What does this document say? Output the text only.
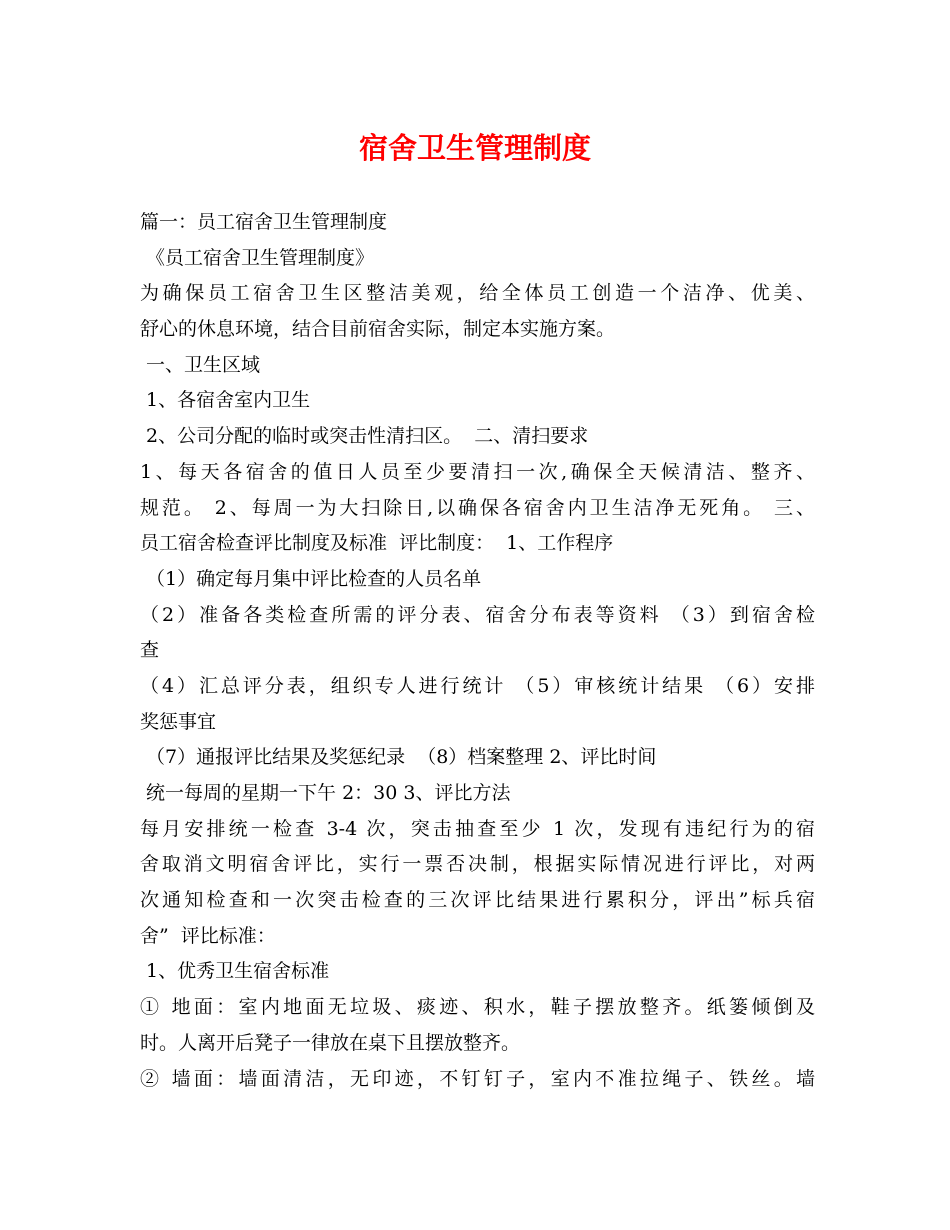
宿舍卫生管理制度
篇一：员工宿舍卫生管理制度
《员工宿舍卫生管理制度》
为确保员工宿舍卫生区整洁美观，给全体员工创造一个洁净、优美、
舒心的休息环境，结合目前宿舍实际，制定本实施方案。
一、卫生区域
1、各宿舍室内卫生
2、公司分配的临时或突击性清扫区。  二、清扫要求
1、每天各宿舍的值日人员至少要清扫一次,确保全天候清洁、整齐、
规范。 2、每周一为大扫除日,以确保各宿舍内卫生洁净无死角。 三、
员工宿舍检查评比制度及标准  评比制度：  1、工作程序
（1）确定每月集中评比检查的人员名单
（2）准备各类检查所需的评分表、宿舍分布表等资料 （3）到宿舍检
查
（4）汇总评分表，组织专人进行统计 （5）审核统计结果 （6）安排
奖惩事宜
（7）通报评比结果及奖惩纪录  （8）档案整理 2、评比时间
统一每周的星期一下午 2：30 3、评比方法
每月安排统一检查 3-4 次，突击抽查至少 1 次，发现有违纪行为的宿
舍取消文明宿舍评比，实行一票否决制，根据实际情况进行评比，对两
次通知检查和一次突击检查的三次评比结果进行累积分，评出”标兵宿
舍”  评比标准：
1、优秀卫生宿舍标准
① 地面：室内地面无垃圾、痰迹、积水，鞋子摆放整齐。纸篓倾倒及
时。人离开后凳子一律放在桌下且摆放整齐。
② 墙面：墙面清洁，无印迹，不钉钉子，室内不准拉绳子、铁丝。墙
